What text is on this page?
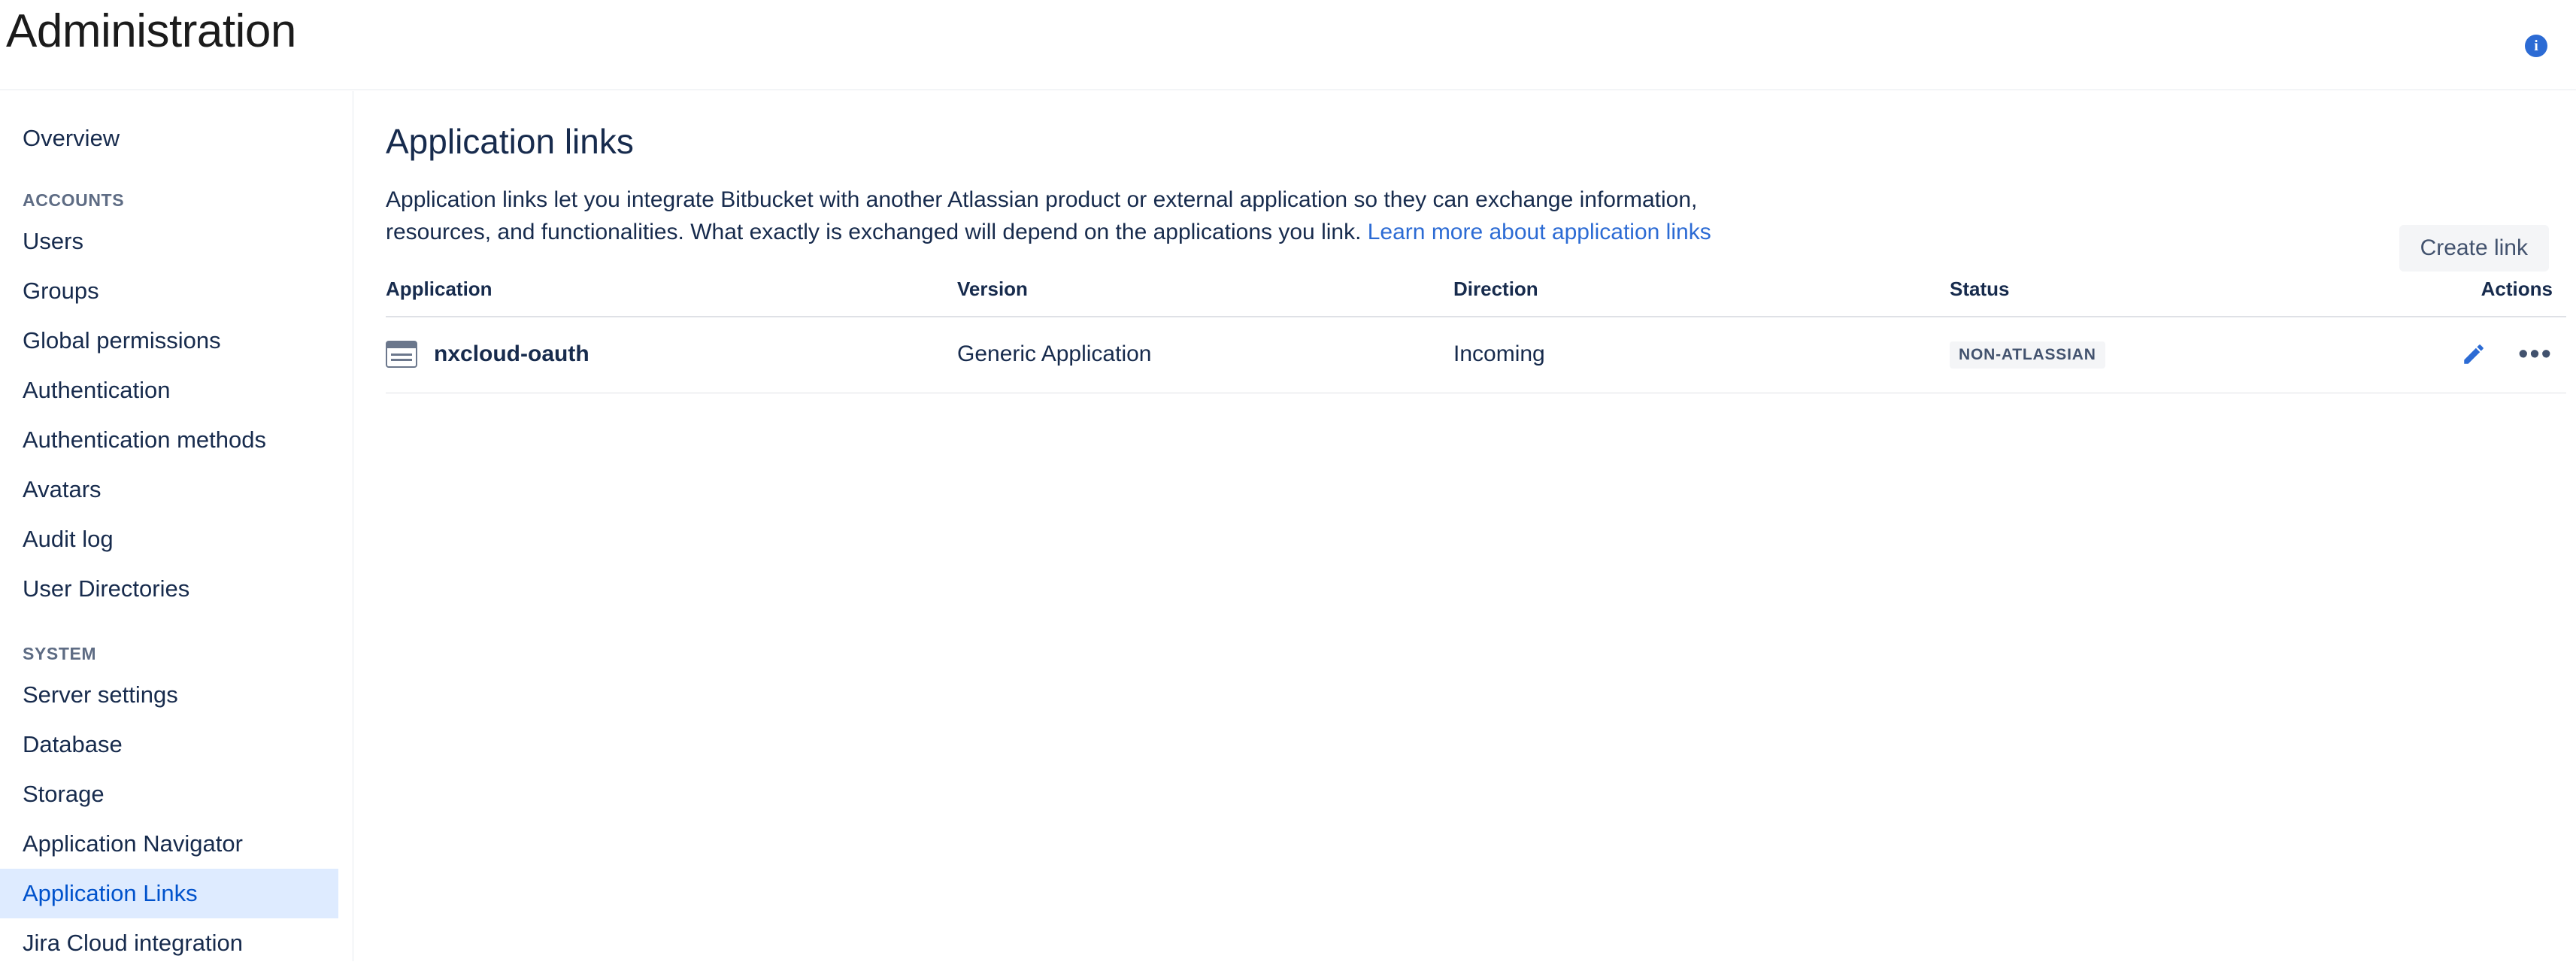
Administration	i
Overview
ACCOUNTS
Users
Groups
Global permissions
Authentication
Authentication methods
Avatars
Audit log
User Directories
SYSTEM
Server settings
Database
Storage
Application Navigator
Application Links
Jira Cloud integration
Application links

Application links let you integrate Bitbucket with another Atlassian product or external application so they can exchange information, resources, and functionalities. What exactly is exchanged will depend on the applications you link. Learn more about application links

Application	Version	Direction	Status	Actions

nxcloud-oauth	Generic Application	Incoming	NON-ATLASSIAN	•••
Create link
